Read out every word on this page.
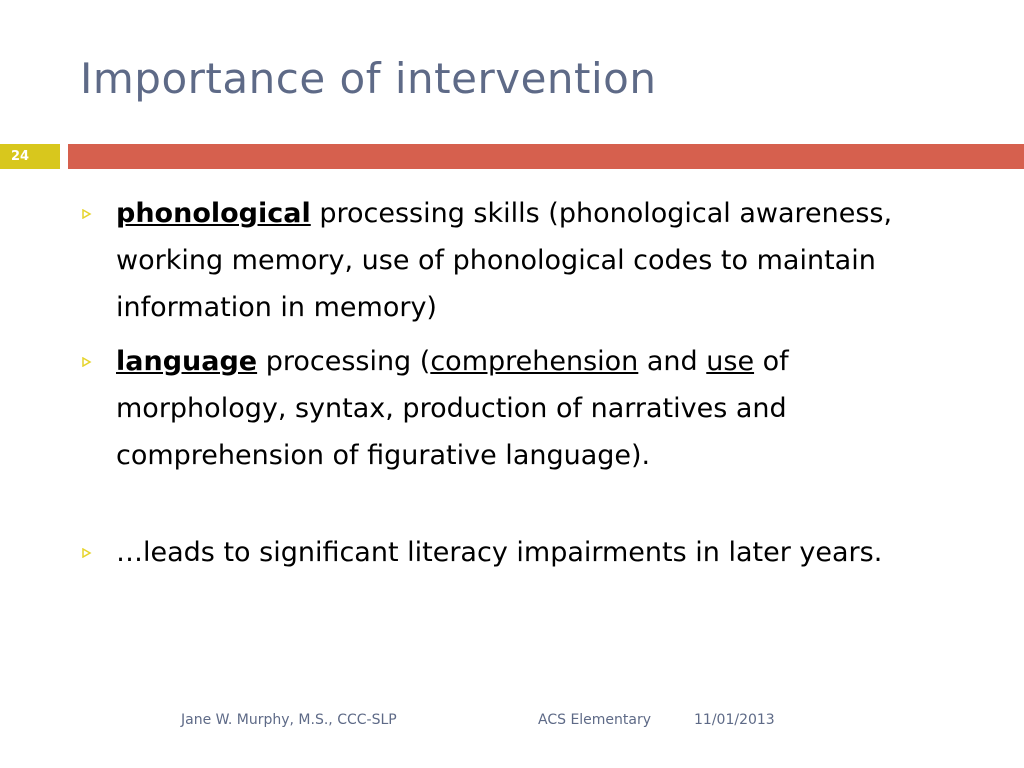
Importance of intervention
24
phonological processing skills (phonological awareness, working memory, use of phonological codes to maintain information in memory)
language processing (comprehension and use of morphology, syntax, production of narratives and comprehension of figurative language).
…leads to significant literacy impairments in later years.
Jane W. Murphy, M.S., CCC-SLP	ACS Elementary	11/01/2013
